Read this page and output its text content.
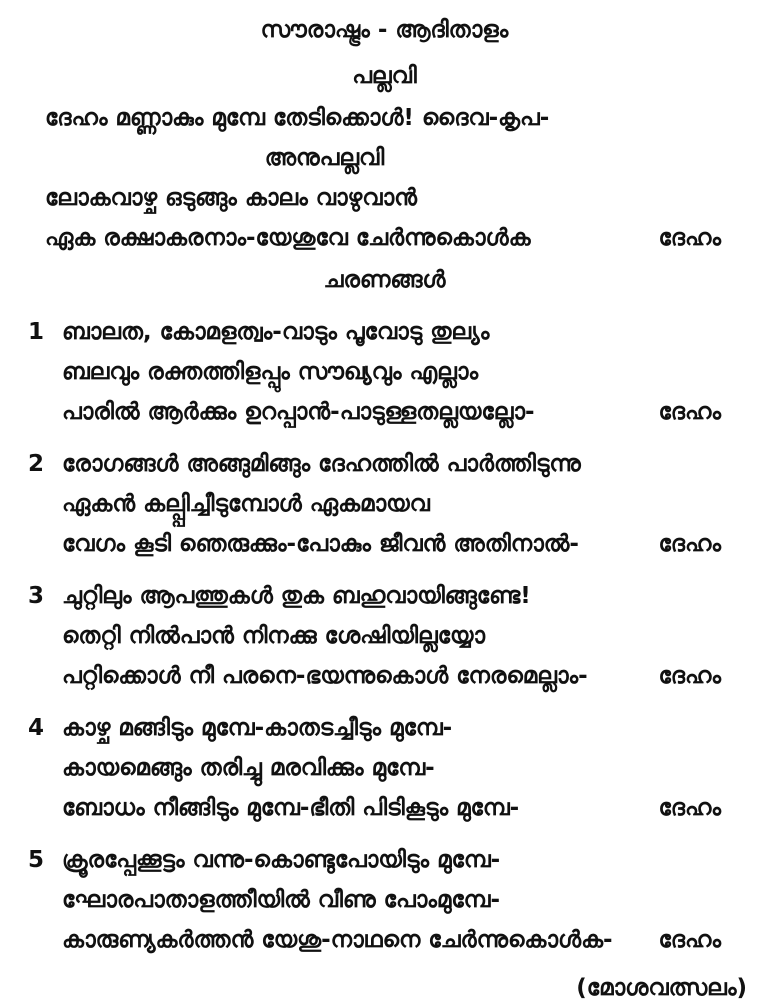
സൗരാഷ്ട്രം - ആദിതാളം
പല്ലവി
ദേഹം മണ്ണാകും മുമ്പേ തേടിക്കൊൾ! ദൈവ-കൃപ-
അനുപല്ലവി
ലോകവാഴ്ച ഒടുങ്ങും കാലം വാഴുവാൻ
ഏക രക്ഷാകരനാം-യേശുവേ ചേർന്നുകൊൾക	ദേഹം
ചരണങ്ങൾ
1 ബാലത, കോമളത്വം-വാടും പൂവോടു തുല്യം
ബലവും രക്തത്തിളപ്പും സൗഖ്യവും എല്ലാം
പാരിൽ ആർക്കും ഉറപ്പാൻ-പാടുള്ളതല്ലയല്ലോ-	ദേഹം
2 രോഗങ്ങൾ അങ്ങുമിങ്ങും ദേഹത്തിൽ പാർത്തിടുന്നു
ഏകൻ കല്പ്പിച്ചീടുമ്പോൾ ഏകമായവ
വേഗം കൂടി ഞെരുക്കും-പോകും ജീവൻ അതിനാൽ-	ദേഹം
3 ചുറ്റിലും ആപത്തുകൾ തുക ബഹുവായിങ്ങുണ്ടേ!
തെറ്റി നിൽപാൻ നിനക്കു ശേഷിയില്ലയ്യോ
പറ്റിക്കൊൾ നീ പരനെ-ഭയന്നുകൊൾ നേരമെല്ലാം-	ദേഹം
4 കാഴ്ച മങ്ങിടും മുമ്പേ-കാതടച്ചീടും മുമ്പേ-
കായമെങ്ങും തരിച്ചു മരവിക്കും മുമ്പേ-
ബോധം നീങ്ങിടും മുമ്പേ-ഭീതി പിടികൂടും മുമ്പേ-	ദേഹം
5 ക്രൂരപ്പേക്കൂട്ടം വന്നു-കൊണ്ടുപോയിടും മുമ്പേ-
ഘോരപാതാളത്തീയിൽ വീണു പോംമുമ്പേ-
കാരുണ്യകർത്തൻ യേശു-നാഥനെ ചേർന്നുകൊൾക-	ദേഹം
(മോശവത്സലം)
